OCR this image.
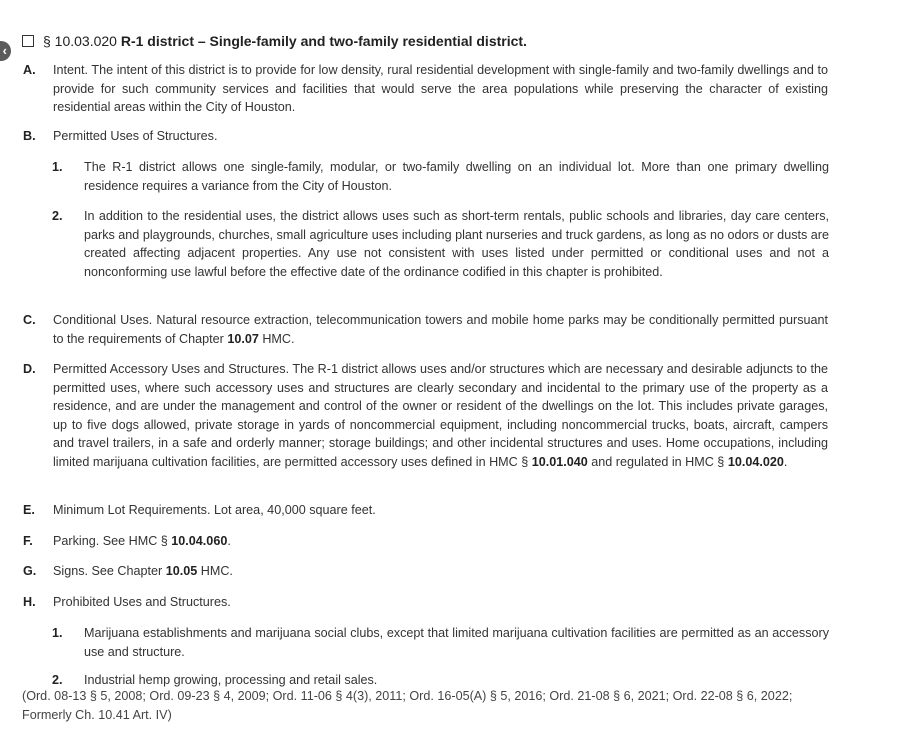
‹
§ 10.03.020 R-1 district – Single-family and two-family residential district.
A. Intent. The intent of this district is to provide for low density, rural residential development with single-family and two-family dwellings and to provide for such community services and facilities that would serve the area populations while preserving the character of existing residential areas within the City of Houston.
B. Permitted Uses of Structures.
1. The R-1 district allows one single-family, modular, or two-family dwelling on an individual lot. More than one primary dwelling residence requires a variance from the City of Houston.
2. In addition to the residential uses, the district allows uses such as short-term rentals, public schools and libraries, day care centers, parks and playgrounds, churches, small agriculture uses including plant nurseries and truck gardens, as long as no odors or dusts are created affecting adjacent properties. Any use not consistent with uses listed under permitted or conditional uses and not a nonconforming use lawful before the effective date of the ordinance codified in this chapter is prohibited.
C. Conditional Uses. Natural resource extraction, telecommunication towers and mobile home parks may be conditionally permitted pursuant to the requirements of Chapter 10.07 HMC.
D. Permitted Accessory Uses and Structures. The R-1 district allows uses and/or structures which are necessary and desirable adjuncts to the permitted uses, where such accessory uses and structures are clearly secondary and incidental to the primary use of the property as a residence, and are under the management and control of the owner or resident of the dwellings on the lot. This includes private garages, up to five dogs allowed, private storage in yards of noncommercial equipment, including noncommercial trucks, boats, aircraft, campers and travel trailers, in a safe and orderly manner; storage buildings; and other incidental structures and uses. Home occupations, including limited marijuana cultivation facilities, are permitted accessory uses defined in HMC § 10.01.040 and regulated in HMC § 10.04.020.
E. Minimum Lot Requirements. Lot area, 40,000 square feet.
F. Parking. See HMC § 10.04.060.
G. Signs. See Chapter 10.05 HMC.
H. Prohibited Uses and Structures.
1. Marijuana establishments and marijuana social clubs, except that limited marijuana cultivation facilities are permitted as an accessory use and structure.
2. Industrial hemp growing, processing and retail sales.
(Ord. 08-13 § 5, 2008; Ord. 09-23 § 4, 2009; Ord. 11-06 § 4(3), 2011; Ord. 16-05(A) § 5, 2016; Ord. 21-08 § 6, 2021; Ord. 22-08 § 6, 2022; Formerly Ch. 10.41 Art. IV)
